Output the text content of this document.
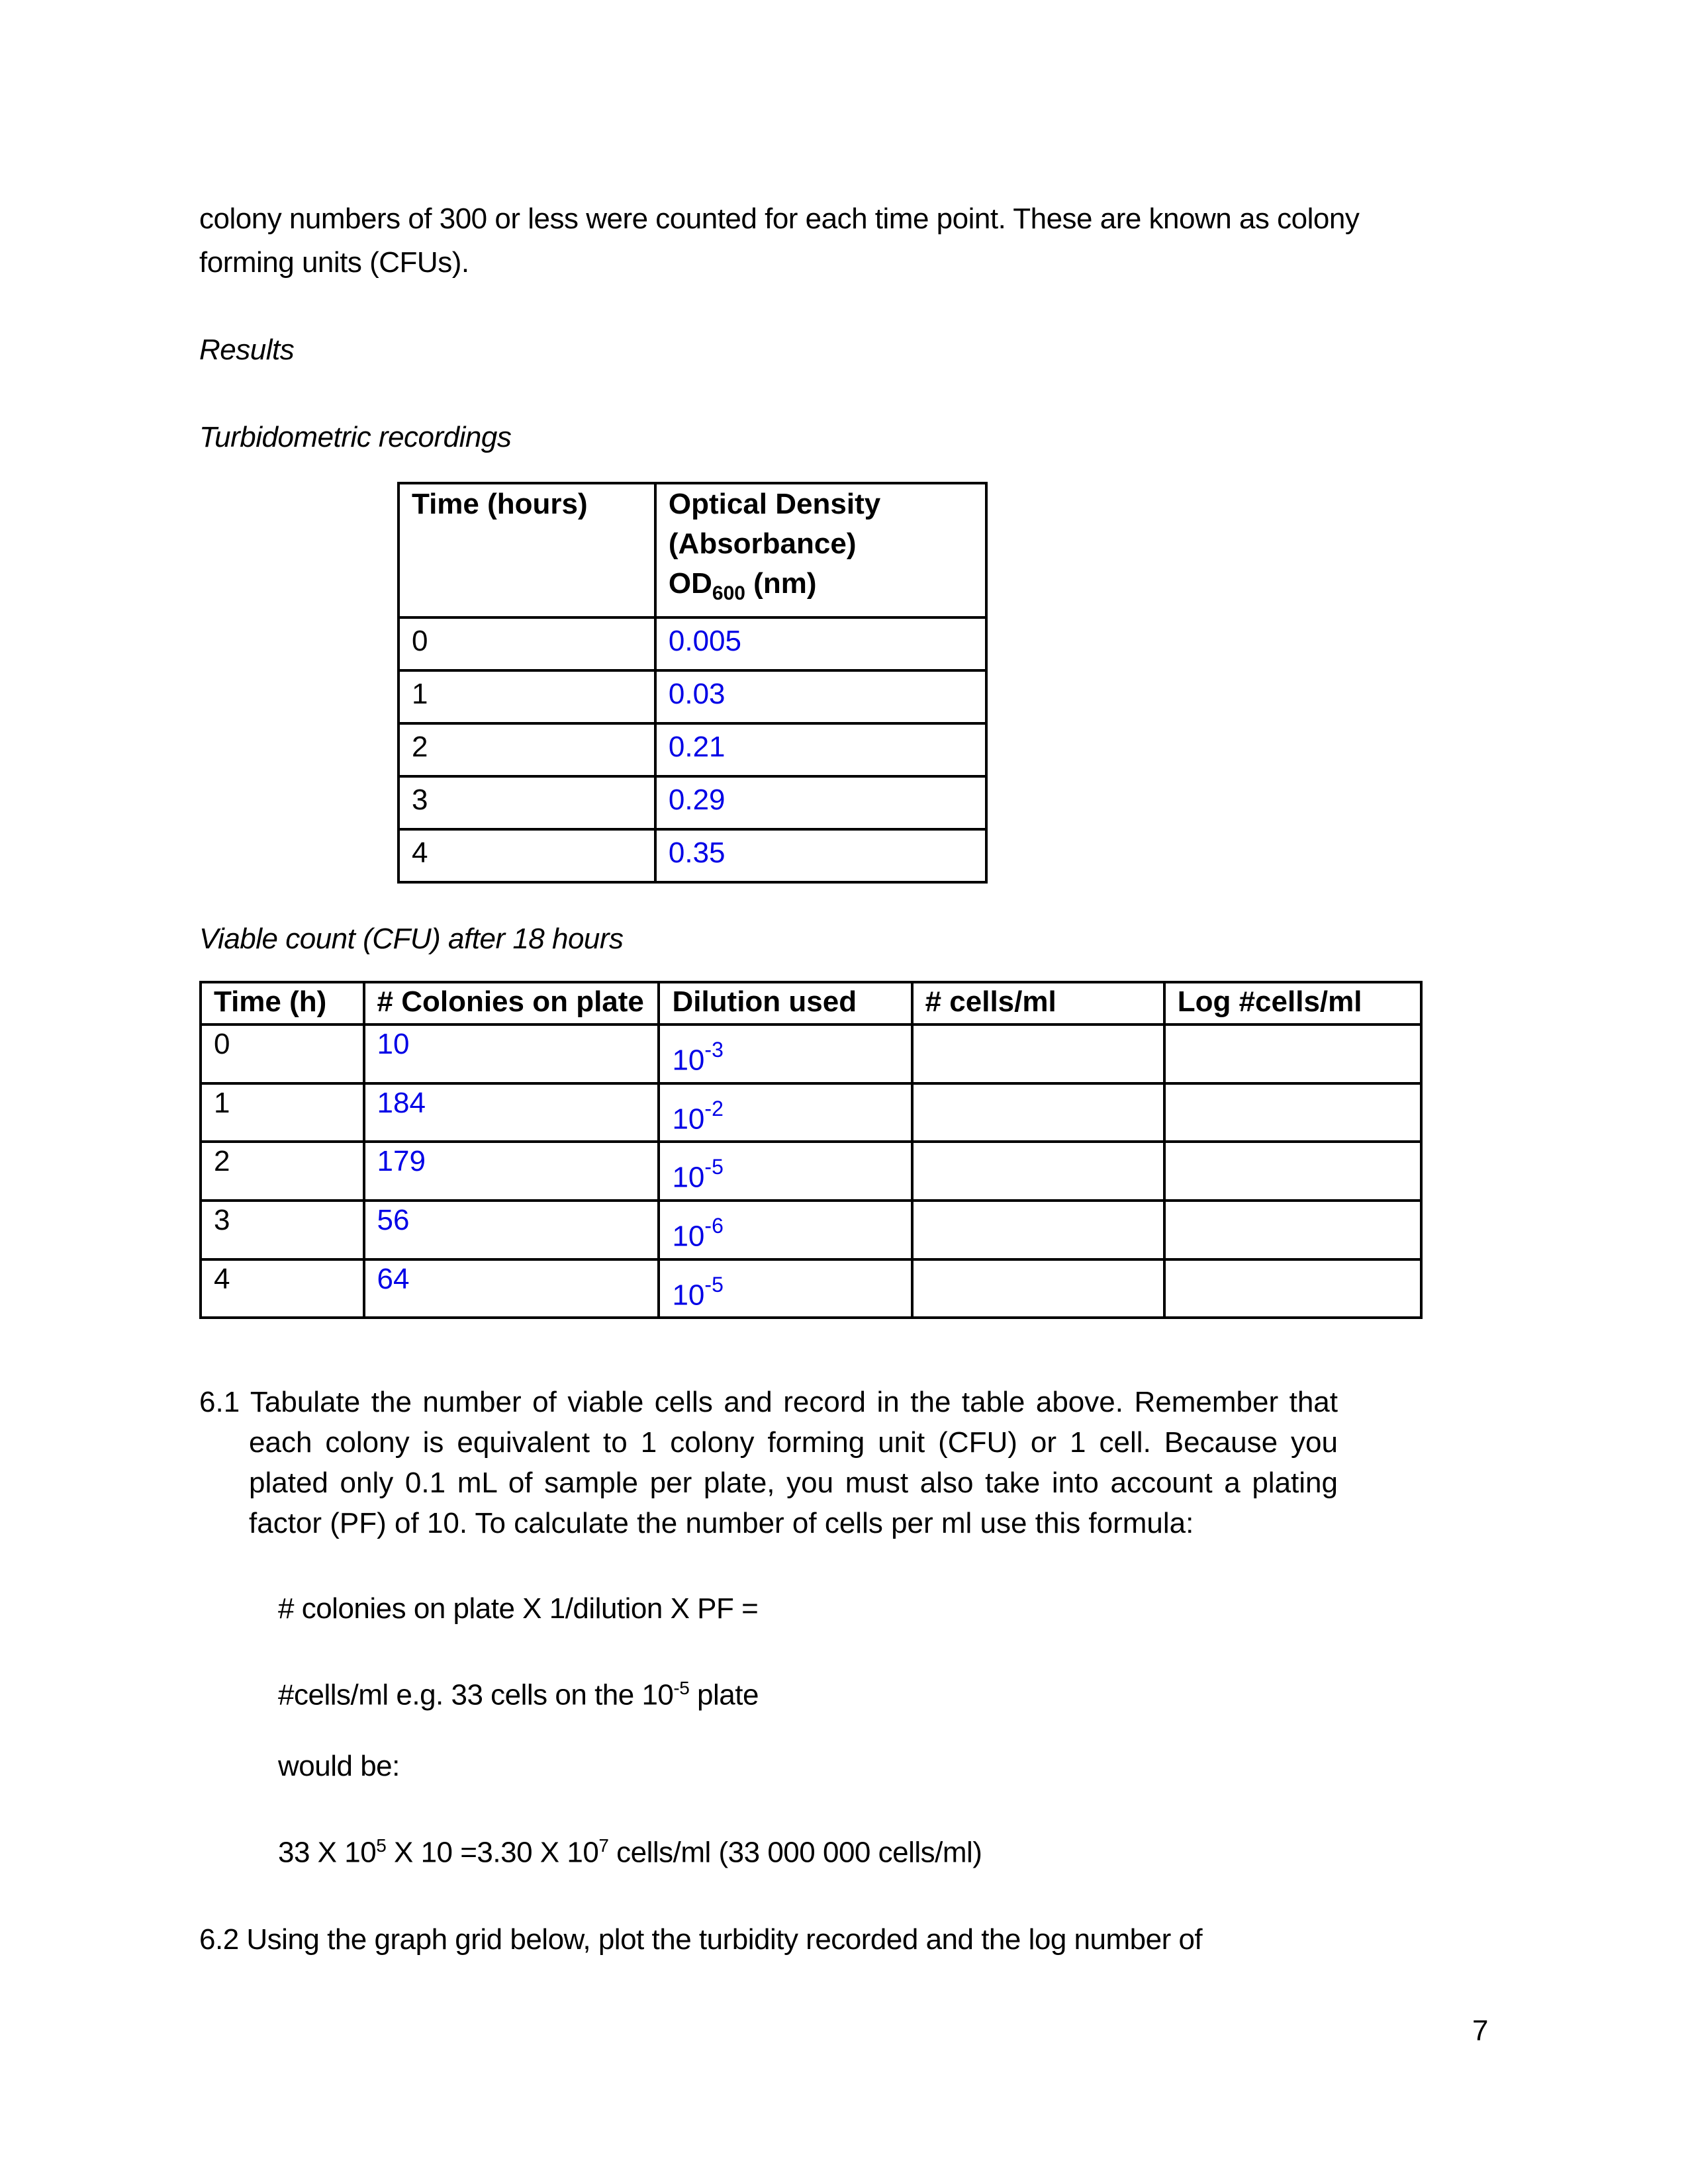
colony numbers of 300 or less were counted for each time point. These are known as colony
forming units (CFUs).
Results
Turbidometric recordings
Time (hours)	Optical Density
(Absorbance)
$OD_{600}$ (nm)

0	0.005
1	0.03
2	0.21
3	0.29
4	0.35
Viable count (CFU) after 18 hours
Time (h)	# Colonies on plate	Dilution used	# cells/ml	Log #cells/ml
0	10	$10^{-3}$		
1	184	$10^{-2}$		
2	179	$10^{-5}$		
3	56	$10^{-6}$		
4	64	$10^{-5}$		
6.1 Tabulate the number of viable cells and record in the table above. Remember that each colony is equivalent to 1 colony forming unit (CFU) or 1 cell. Because you plated only 0.1 mL of sample per plate, you must also take into account a plating factor (PF) of 10. To calculate the number of cells per ml use this formula:
# colonies on plate X 1/dilution X PF =
#cells/ml e.g. 33 cells on the $10^{-5}$ plate
would be:
33 X $10^5$ X 10 =3.30 X $10^7$ cells/ml (33 000 000 cells/ml)
6.2 Using the graph grid below, plot the turbidity recorded and the log number of
7
